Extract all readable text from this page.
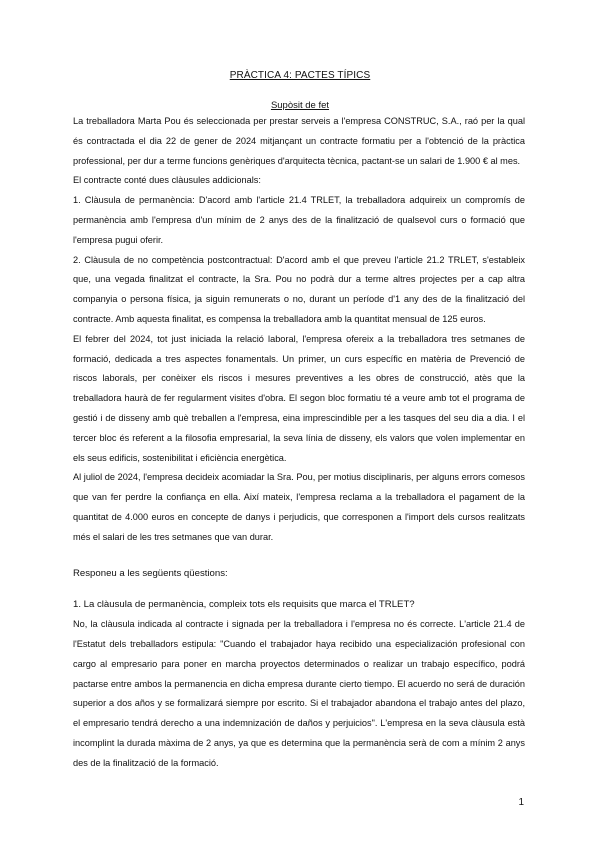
PRÀCTICA 4: PACTES TÍPICS
Supòsit de fet

La treballadora Marta Pou és seleccionada per prestar serveis a l'empresa CONSTRUC, S.A., raó per la qual és contractada el dia 22 de gener de 2024 mitjançant un contracte formatiu per a l'obtenció de la pràctica professional, per dur a terme funcions genèriques d'arquitecta tècnica, pactant-se un salari de 1.900 € al mes.

El contracte conté dues clàusules addicionals:

1. Clàusula de permanència: D'acord amb l'article 21.4 TRLET, la treballadora adquireix un compromís de permanència amb l'empresa d'un mínim de 2 anys des de la finalització de qualsevol curs o formació que l'empresa pugui oferir.

2. Clàusula de no competència postcontractual: D'acord amb el que preveu l'article 21.2 TRLET, s'estableix que, una vegada finalitzat el contracte, la Sra. Pou no podrà dur a terme altres projectes per a cap altra companyia o persona física, ja siguin remunerats o no, durant un període d'1 any des de la finalització del contracte. Amb aquesta finalitat, es compensa la treballadora amb la quantitat mensual de 125 euros.

El febrer del 2024, tot just iniciada la relació laboral, l'empresa ofereix a la treballadora tres setmanes de formació, dedicada a tres aspectes fonamentals. Un primer, un curs específic en matèria de Prevenció de riscos laborals, per conèixer els riscos i mesures preventives a les obres de construcció, atès que la treballadora haurà de fer regularment visites d'obra. El segon bloc formatiu té a veure amb tot el programa de gestió i de disseny amb què treballen a l'empresa, eina imprescindible per a les tasques del seu dia a dia. I el tercer bloc és referent a la filosofia empresarial, la seva línia de disseny, els valors que volen implementar en els seus edificis, sostenibilitat i eficiència energètica.

Al juliol de 2024, l'empresa decideix acomiadar la Sra. Pou, per motius disciplinaris, per alguns errors comesos que van fer perdre la confiança en ella. Així mateix, l'empresa reclama a la treballadora el pagament de la quantitat de 4.000 euros en concepte de danys i perjudicis, que corresponen a l'import dels cursos realitzats més el salari de les tres setmanes que van durar.

Responeu a les següents qüestions:

1. La clàusula de permanència, compleix tots els requisits que marca el TRLET?

No, la clàusula indicada al contracte i signada per la treballadora i l'empresa no és correcte. L'article 21.4 de l'Estatut dels treballadors estipula: "Cuando el trabajador haya recibido una especialización profesional con cargo al empresario para poner en marcha proyectos determinados o realizar un trabajo específico, podrá pactarse entre ambos la permanencia en dicha empresa durante cierto tiempo. El acuerdo no será de duración superior a dos años y se formalizará siempre por escrito. Si el trabajador abandona el trabajo antes del plazo, el empresario tendrá derecho a una indemnización de daños y perjuicios". L'empresa en la seva clàusula està incomplint la durada màxima de 2 anys, ya que es determina que la permanència serà de com a mínim 2 anys des de la finalització de la formació.

1
